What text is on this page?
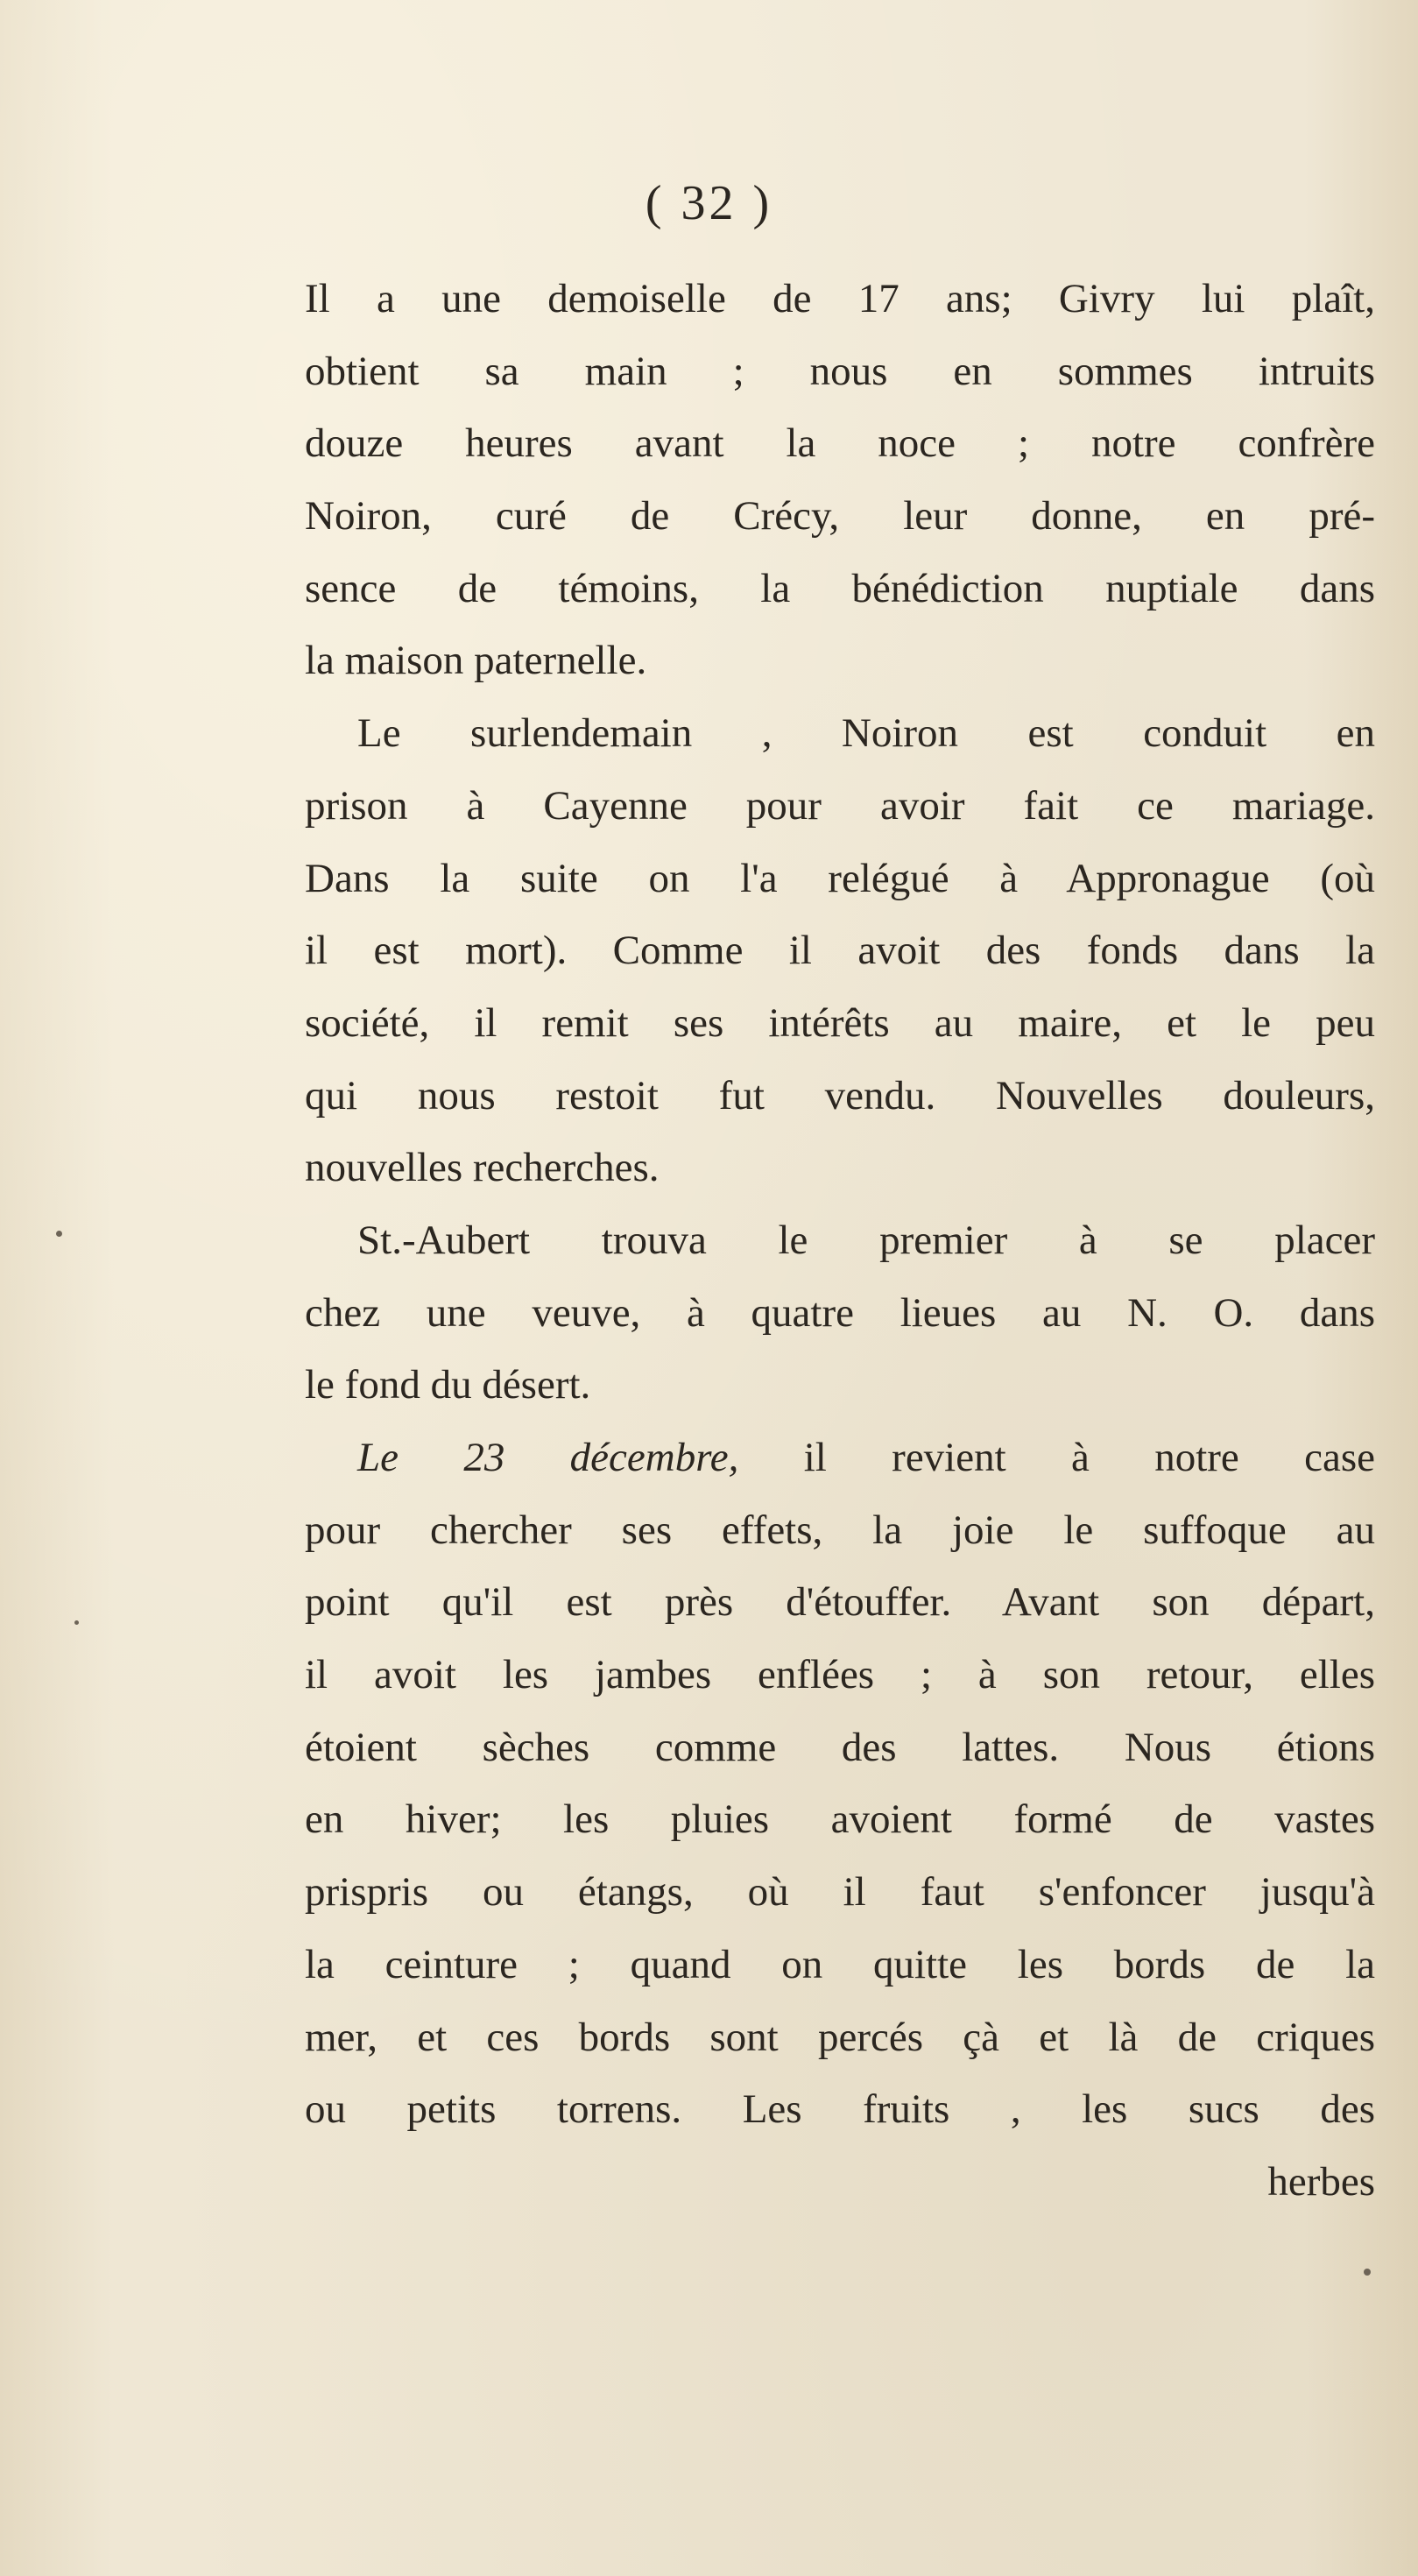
( 32 )
Il a une demoiselle de 17 ans; Givry lui plaît,
obtient sa main ; nous en sommes intruits
douze heures avant la noce ; notre confrère
Noiron, curé de Crécy, leur donne, en pré-
sence de témoins, la bénédiction nuptiale dans
la maison paternelle.
Le surlendemain , Noiron est conduit en
prison à Cayenne pour avoir fait ce mariage.
Dans la suite on l'a relégué à Appronague (où
il est mort). Comme il avoit des fonds dans la
société, il remit ses intérêts au maire, et le peu
qui nous restoit fut vendu. Nouvelles douleurs,
nouvelles recherches.
St.-Aubert trouva le premier à se placer
chez une veuve, à quatre lieues au N. O. dans
le fond du désert.
Le 23 décembre, il revient à notre case
pour chercher ses effets, la joie le suffoque au
point qu'il est près d'étouffer. Avant son départ,
il avoit les jambes enflées ; à son retour, elles
étoient sèches comme des lattes. Nous étions
en hiver; les pluies avoient formé de vastes
prispris ou étangs, où il faut s'enfoncer jusqu'à
la ceinture ; quand on quitte les bords de la
mer, et ces bords sont percés çà et là de criques
ou petits torrens. Les fruits , les sucs des
herbes
